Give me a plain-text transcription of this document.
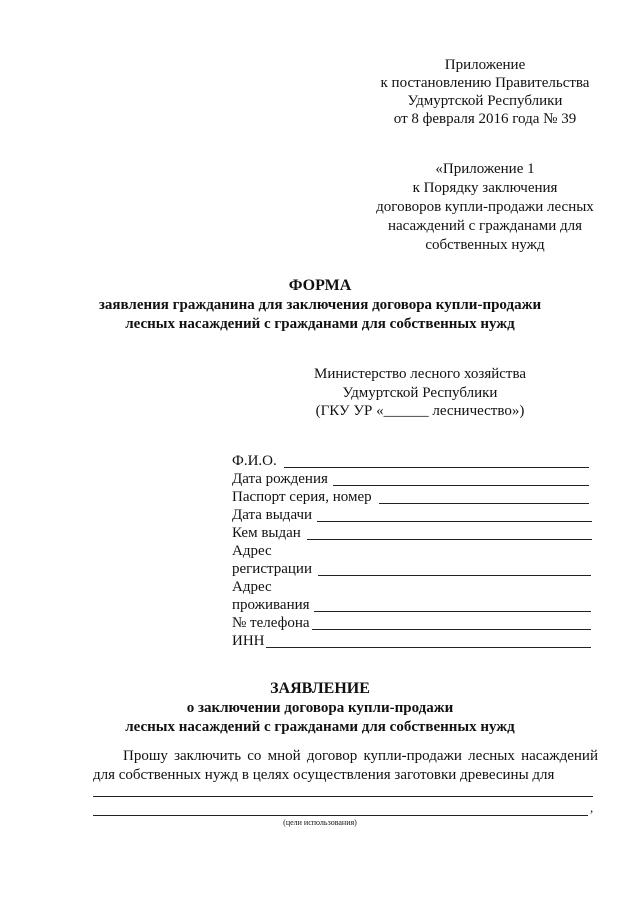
Приложение
к постановлению Правительства
Удмуртской Республики
от 8 февраля 2016 года № 39
«Приложение 1
к Порядку заключения
договоров купли-продажи лесных
насаждений с гражданами для
собственных нужд
ФОРМА
заявления гражданина для заключения договора купли-продажи
лесных насаждений с гражданами для собственных нужд
Министерство лесного хозяйства
Удмуртской Республики
(ГКУ УР «______ лесничество»)
Ф.И.О.
Дата рождения
Паспорт серия, номер
Дата выдачи
Кем выдан
Адрес
регистрации
Адрес
проживания
№ телефона
ИНН
ЗАЯВЛЕНИЕ
о заключении договора купли-продажи
лесных насаждений с гражданами для собственных нужд
Прошу заключить со мной договор купли-продажи лесных насаждений для собственных нужд в целях осуществления заготовки древесины для
,
(цели использования)
